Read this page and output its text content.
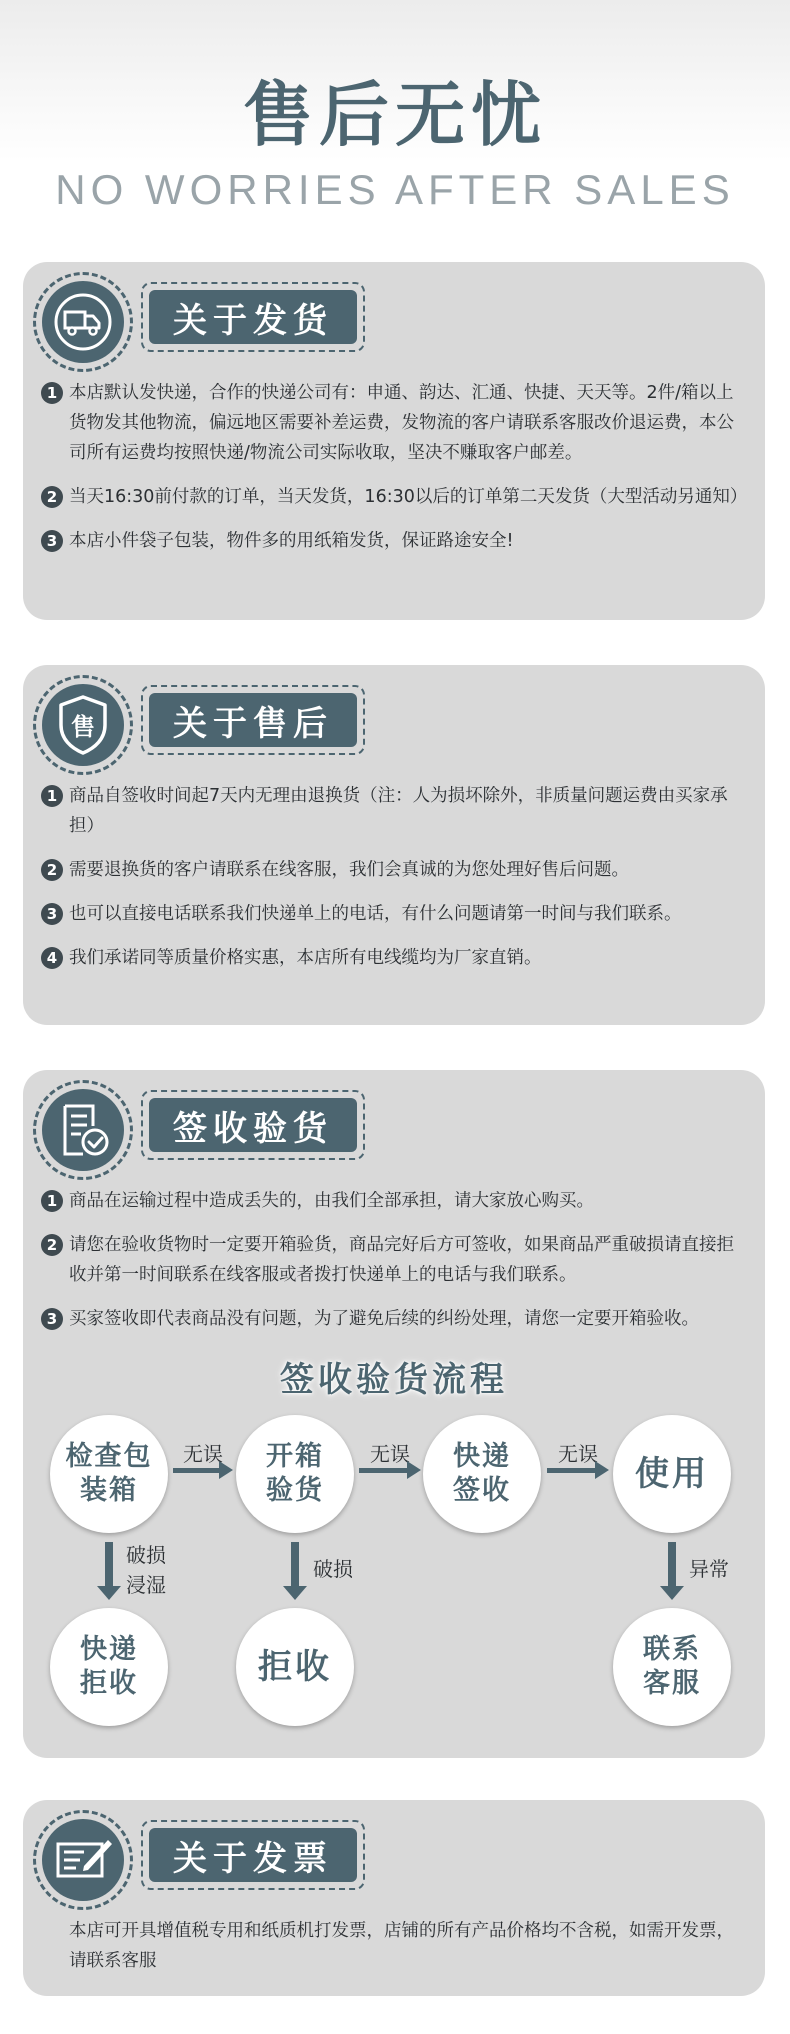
售后无忧
NO WORRIES AFTER SALES
关于发货
1 本店默认发快递，合作的快递公司有：申通、韵达、汇通、快捷、天天等。2件/箱以上货物发其他物流，偏远地区需要补差运费，发物流的客户请联系客服改价退运费，本公司所有运费均按照快递/物流公司实际收取，坚决不赚取客户邮差。
2 当天16:30前付款的订单，当天发货，16:30以后的订单第二天发货（大型活动另通知）
3 本店小件袋子包装，物件多的用纸箱发货，保证路途安全!
售	关于售后
1 商品自签收时间起7天内无理由退换货（注：人为损坏除外，非质量问题运费由买家承担）
2 需要退换货的客户请联系在线客服，我们会真诚的为您处理好售后问题。
3 也可以直接电话联系我们快递单上的电话，有什么问题请第一时间与我们联系。
4 我们承诺同等质量价格实惠，本店所有电线缆均为厂家直销。
签收验货
1 商品在运输过程中造成丢失的，由我们全部承担，请大家放心购买。
2 请您在验收货物时一定要开箱验货，商品完好后方可签收，如果商品严重破损请直接拒收并第一时间联系在线客服或者拨打快递单上的电话与我们联系。
3 买家签收即代表商品没有问题，为了避免后续的纠纷处理，请您一定要开箱验收。
签收验货流程
检查包装箱
开箱验货
快递签收	使用
无误	无误	无误
破损
浸湿
破损	异常
快递拒收	拒收	联系客服
关于发票
本店可开具增值税专用和纸质机打发票，店铺的所有产品价格均不含税，如需开发票，请联系客服
